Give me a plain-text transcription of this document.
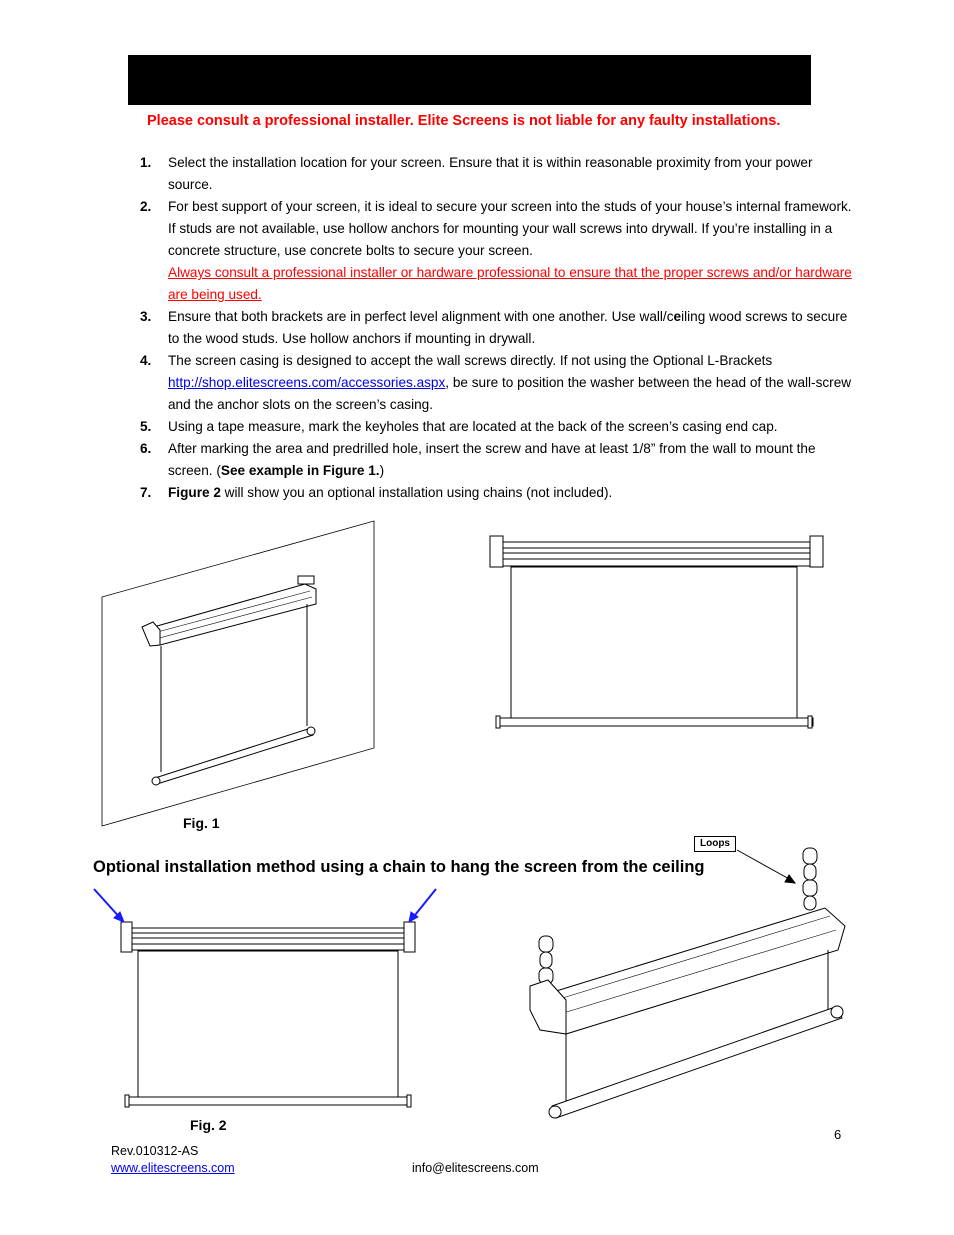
Please consult a professional installer. Elite Screens is not liable for any faulty installations.
1. Select the installation location for your screen. Ensure that it is within reasonable proximity from your power source.
2. For best support of your screen, it is ideal to secure your screen into the studs of your house’s internal framework. If studs are not available, use hollow anchors for mounting your wall screws into drywall. If you’re installing in a concrete structure, use concrete bolts to secure your screen.
Always consult a professional installer or hardware professional to ensure that the proper screws and/or hardware are being used.
3. Ensure that both brackets are in perfect level alignment with one another. Use wall/ceiling wood screws to secure to the wood studs. Use hollow anchors if mounting in drywall.
4. The screen casing is designed to accept the wall screws directly. If not using the Optional L-Brackets http://shop.elitescreens.com/accessories.aspx, be sure to position the washer between the head of the wall-screw and the anchor slots on the screen’s casing.
5. Using a tape measure, mark the keyholes that are located at the back of the screen’s casing end cap.
6. After marking the area and predrilled hole, insert the screw and have at least 1/8” from the wall to mount the screen. (See example in Figure 1.)
7. Figure 2 will show you an optional installation using chains (not included).
Fig. 1
Loops
Optional installation method using a chain to hang the screen from the ceiling
Fig. 2
6
Rev.010312-AS
www.elitescreens.com	info@elitescreens.com
